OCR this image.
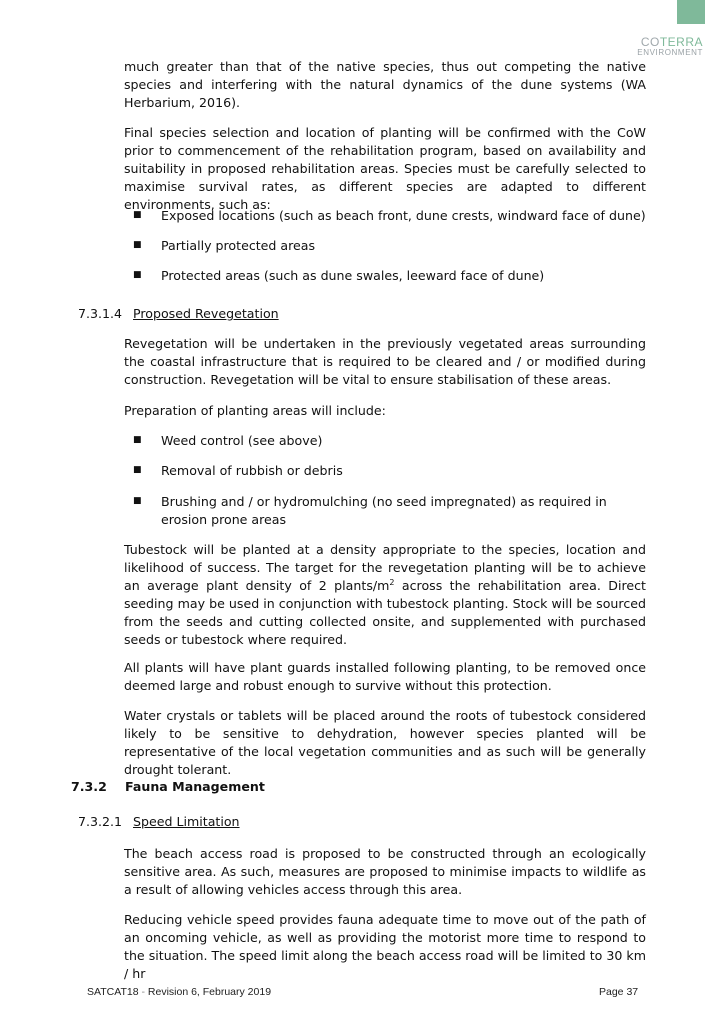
COTERRA
ENVIRONMENT

much greater than that of the native species, thus out competing the native species and interfering with the natural dynamics of the dune systems (WA Herbarium, 2016).

Final species selection and location of planting will be confirmed with the CoW prior to commencement of the rehabilitation program, based on availability and suitability in proposed rehabilitation areas. Species must be carefully selected to maximise survival rates, as different species are adapted to different environments, such as:

■ Exposed locations (such as beach front, dune crests, windward face of dune)
■ Partially protected areas
■ Protected areas (such as dune swales, leeward face of dune)
7.3.1.4 Proposed Revegetation

Revegetation will be undertaken in the previously vegetated areas surrounding the coastal infrastructure that is required to be cleared and / or modified during construction. Revegetation will be vital to ensure stabilisation of these areas.

Preparation of planting areas will include:

■ Weed control (see above)
■ Removal of rubbish or debris
■ Brushing and / or hydromulching (no seed impregnated) as required in erosion prone areas

Tubestock will be planted at a density appropriate to the species, location and likelihood of success. The target for the revegetation planting will be to achieve an average plant density of 2 plants/$m^2$ across the rehabilitation area. Direct seeding may be used in conjunction with tubestock planting. Stock will be sourced from the seeds and cutting collected onsite, and supplemented with purchased seeds or tubestock where required.

All plants will have plant guards installed following planting, to be removed once deemed large and robust enough to survive without this protection.

Water crystals or tablets will be placed around the roots of tubestock considered likely to be sensitive to dehydration, however species planted will be representative of the local vegetation communities and as such will be generally drought tolerant.

7.3.2 Fauna Management
7.3.2.1 Speed Limitation

The beach access road is proposed to be constructed through an ecologically sensitive area. As such, measures are proposed to minimise impacts to wildlife as a result of allowing vehicles access through this area.

Reducing vehicle speed provides fauna adequate time to move out of the path of an oncoming vehicle, as well as providing the motorist more time to respond to the situation. The speed limit along the beach access road will be limited to 30 km / hr

SATCAT18 - Revision 6, February 2019	Page 37
